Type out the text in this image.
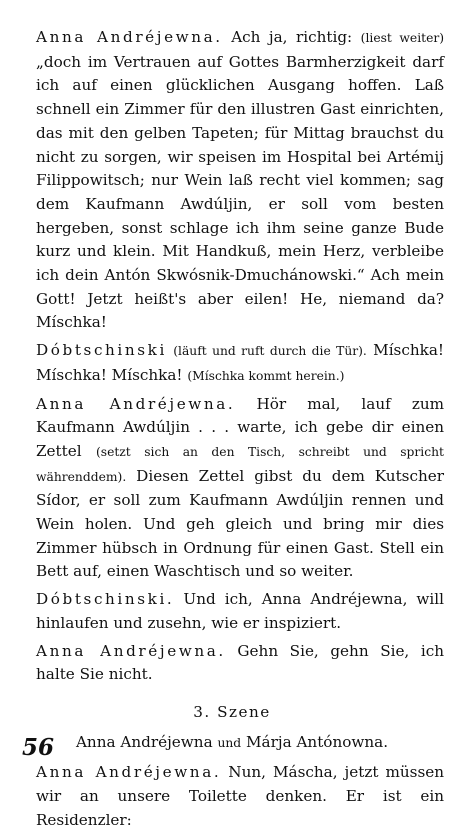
Anna Andréjewna. Ach ja, richtig: (liest weiter) „doch im Vertrauen auf Gottes Barmherzigkeit darf ich auf einen glücklichen Ausgang hoffen. Laß schnell ein Zimmer für den illustren Gast einrichten, das mit den gelben Tapeten; für Mittag brauchst du nicht zu sorgen, wir speisen im Hospital bei Artémij Filippowitsch; nur Wein laß recht viel kommen; sag dem Kaufmann Awdúljin, er soll vom besten hergeben, sonst schlage ich ihm seine ganze Bude kurz und klein. Mit Handkuß, mein Herz, verbleibe ich dein Antón Skwósnik-Dmuchánowski.“ Ach mein Gott! Jetzt heißt's aber eilen! He, niemand da? Míschka!

Dóbtschinski (läuft und ruft durch die Tür). Míschka! Míschka! Míschka! (Míschka kommt herein.)

Anna Andréjewna. Hör mal, lauf zum Kaufmann Awdúljin . . . warte, ich gebe dir einen Zettel (setzt sich an den Tisch, schreibt und spricht währenddem). Diesen Zettel gibst du dem Kutscher Sídor, er soll zum Kaufmann Awdúljin rennen und Wein holen. Und geh gleich und bring mir dies Zimmer hübsch in Ordnung für einen Gast. Stell ein Bett auf, einen Waschtisch und so weiter.

Dóbtschinski. Und ich, Anna Andréjewna, will hinlaufen und zusehn, wie er inspiziert.

Anna Andréjewna. Gehn Sie, gehn Sie, ich halte Sie nicht.

3. Szene

Anna Andréjewna und Márja Antónowna.

Anna Andréjewna. Nun, Máscha, jetzt müssen wir an unsere Toilette denken. Er ist ein Residenzler:

56
